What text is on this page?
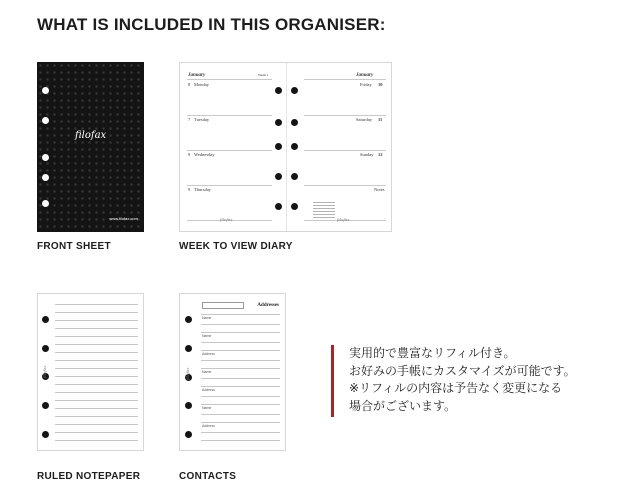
WHAT IS INCLUDED IN THIS ORGANISER:
filofax
www.filofax.com
FRONT SHEET
January	Week 1
8 Monday
7 Tuesday
9 Wednesday
9 Thursday
filofax
January
Friday 10
Saturday 11
Sunday 12
Notes
filofax
WEEK TO VIEW DIARY
filofax
RULED NOTEPAPER
Addresses
Name
Name
Address
Name
Address
Name
Address
filofax
CONTACTS
実用的で豊富なリフィル付き。
お好みの手帳にカスタマイズが可能です。
※リフィルの内容は予告なく変更になる
場合がございます。
